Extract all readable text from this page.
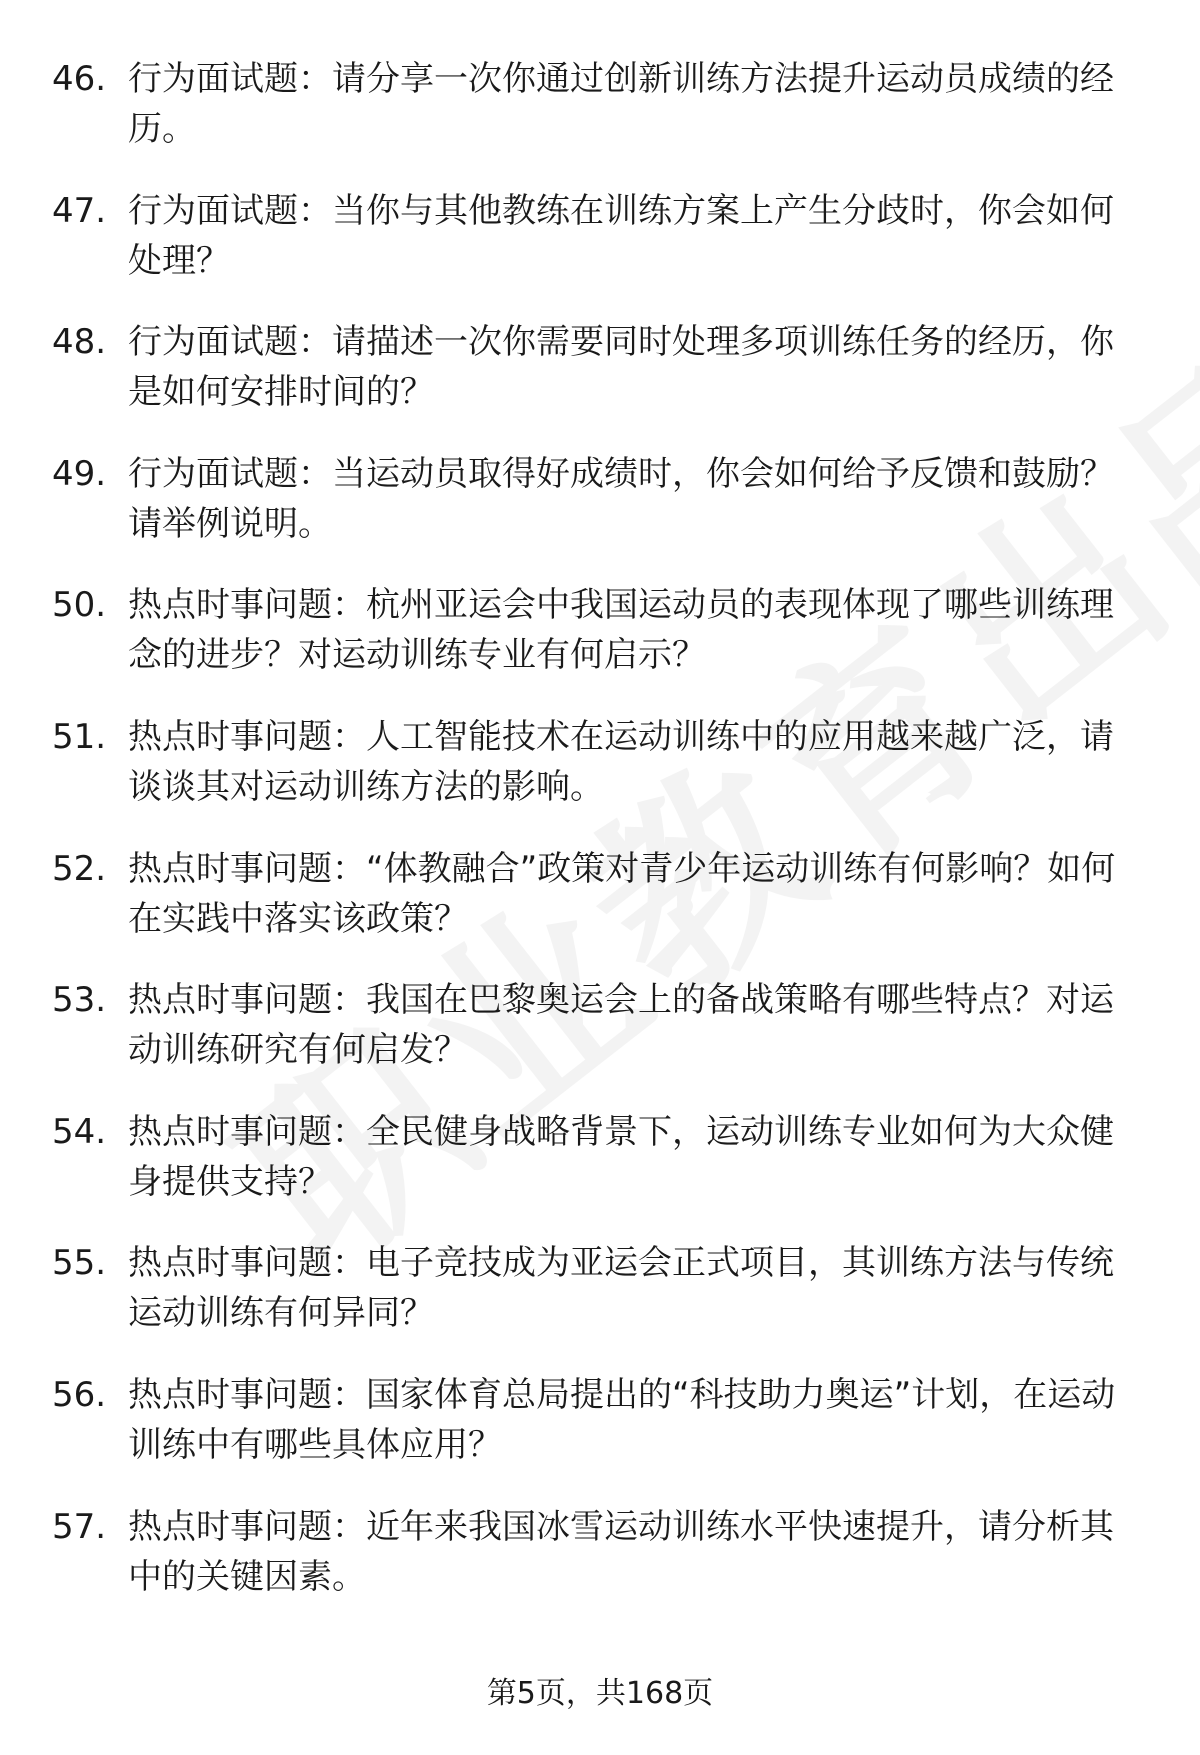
46. 行为面试题：请分享一次你通过创新训练方法提升运动员成绩的经历。
47. 行为面试题：当你与其他教练在训练方案上产生分歧时，你会如何处理？
48. 行为面试题：请描述一次你需要同时处理多项训练任务的经历，你是如何安排时间的？
49. 行为面试题：当运动员取得好成绩时，你会如何给予反馈和鼓励？请举例说明。
50. 热点时事问题：杭州亚运会中我国运动员的表现体现了哪些训练理念的进步？对运动训练专业有何启示？
51. 热点时事问题：人工智能技术在运动训练中的应用越来越广泛，请谈谈其对运动训练方法的影响。
52. 热点时事问题：“体教融合”政策对青少年运动训练有何影响？如何在实践中落实该政策？
53. 热点时事问题：我国在巴黎奥运会上的备战策略有哪些特点？对运动训练研究有何启发？
54. 热点时事问题：全民健身战略背景下，运动训练专业如何为大众健身提供支持？
55. 热点时事问题：电子竞技成为亚运会正式项目，其训练方法与传统运动训练有何异同？
56. 热点时事问题：国家体育总局提出的“科技助力奥运”计划，在运动训练中有哪些具体应用？
57. 热点时事问题：近年来我国冰雪运动训练水平快速提升，请分析其中的关键因素。
第5页，共168页
